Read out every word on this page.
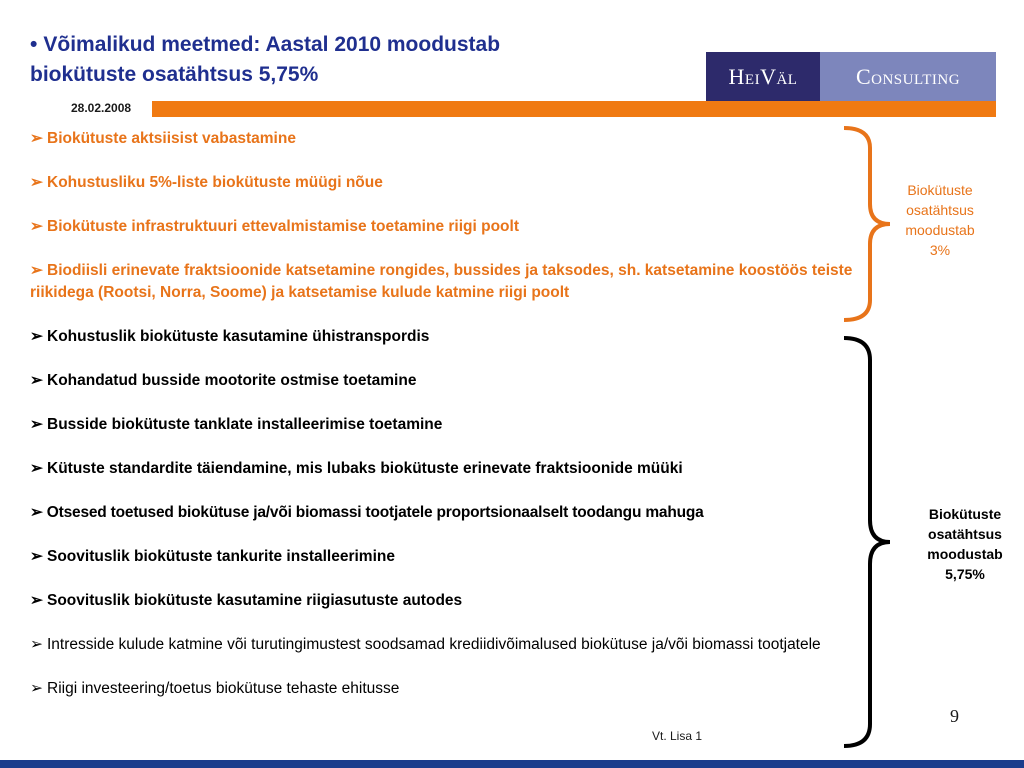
• Võimalikud meetmed: Aastal 2010 moodustab
biokütuste osatähtsus 5,75%	HeiVäl	Consulting
28.02.2008
➢ Biokütuste aktsiisist vabastamine
➢ Kohustusliku 5%-liste biokütuste müügi nõue
➢ Biokütuste infrastruktuuri ettevalmistamise toetamine riigi poolt
➢ Biodiisli erinevate fraktsioonide katsetamine rongides, bussides ja taksodes, sh. katsetamine koostöös teiste riikidega (Rootsi, Norra, Soome) ja katsetamise kulude katmine riigi poolt
➢ Kohustuslik biokütuste kasutamine ühistranspordis
➢ Kohandatud busside mootorite ostmise toetamine
➢ Busside biokütuste tanklate installeerimise toetamine
➢ Kütuste standardite täiendamine, mis lubaks biokütuste erinevate fraktsioonide müüki
➢ Otsesed toetused biokütuse ja/või biomassi tootjatele proportsionaalselt toodangu mahuga
➢ Soovituslik biokütuste tankurite installeerimine
➢ Soovituslik biokütuste kasutamine riigiasutuste autodes
➢ Intresside kulude katmine või turutingimustest soodsamad krediidivõimalused biokütuse ja/või biomassi tootjatele
➢ Riigi investeering/toetus biokütuse tehaste ehitusse
Biokütuste
osatähtsus
moodustab
3%
Biokütuste
osatähtsus
moodustab
5,75%
9
Vt. Lisa 1
